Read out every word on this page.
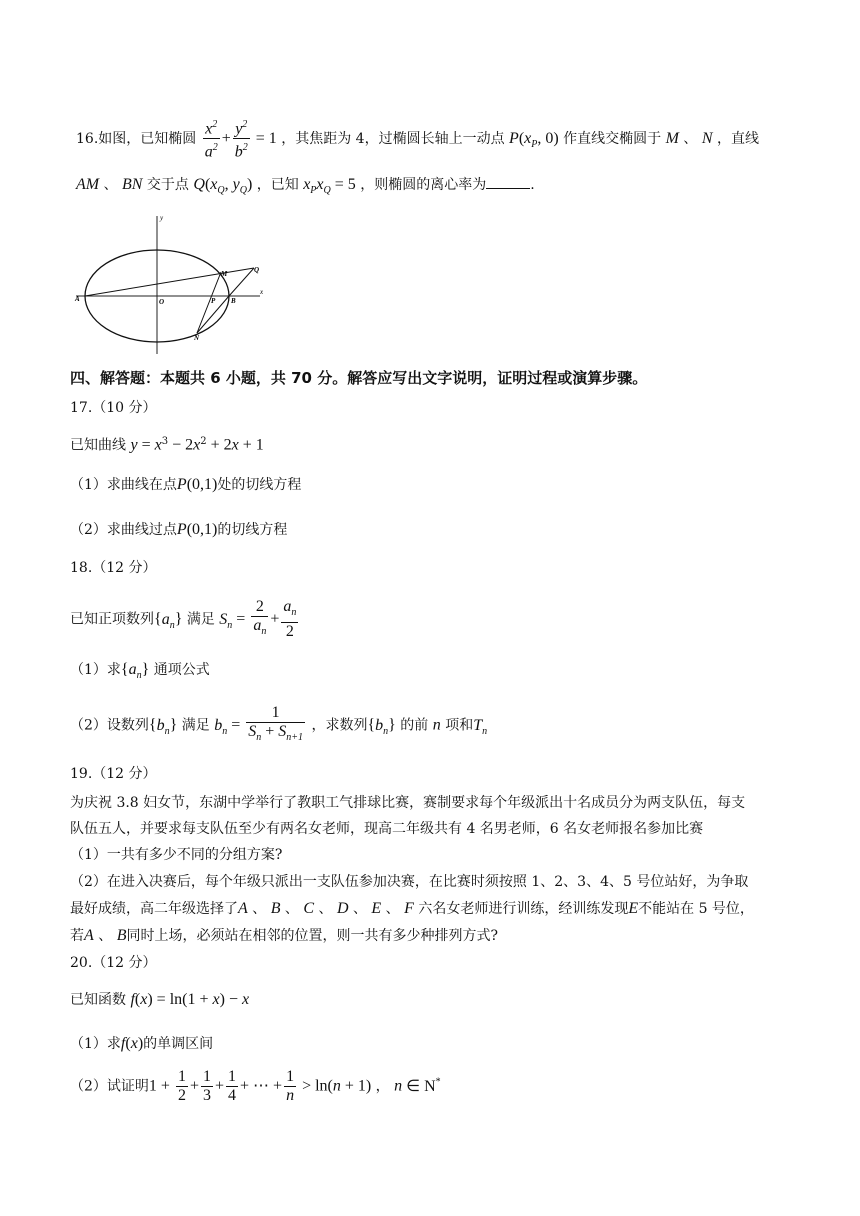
16.如图，已知椭圆 $\frac{x^2}{a^2} + \frac{y^2}{b^2} = 1$ ，其焦距为 4，过椭圆长轴上一动点 $P(x_P$, 0) 作直线交椭圆于 M 、 N ，直线
AM 、 BN 交于点 $Q(x_Q$, $y_Q$) ，已知 $x_Px_Q = 5$ ，则椭圆的离心率为	.
y
x
A	O	P B
M	Q
N
四、解答题：本题共 6 小题，共 70 分。解答应写出文字说明，证明过程或演算步骤。
17.（10 分）
已知曲线 $y = x^3 - 2x^2 + 2x + 1$
（1）求曲线在点P(0,1)处的切线方程
（2）求曲线过点P(0,1)的切线方程
18.（12 分）
已知正项数列$\{a_n\}$ 满足 $S_n = \frac{2}{a_n} + \frac{a_n}{2}$
（1）求$\{a_n\}$ 通项公式
（2）设数列$\{b_n\}$ 满足 $b_n = \frac{1}{S_n + S_{n+1}}$ ，求数列$\{b_n\}$ 的前 n 项和$T_n$
19.（12 分）
为庆祝 3.8 妇女节，东湖中学举行了教职工气排球比赛，赛制要求每个年级派出十名成员分为两支队伍，每支
队伍五人，并要求每支队伍至少有两名女老师，现高二年级共有 4 名男老师，6 名女老师报名参加比赛
（1）一共有多少不同的分组方案?
（2）在进入决赛后，每个年级只派出一支队伍参加决赛，在比赛时须按照 1、2、3、4、5 号位站好，为争取
最好成绩，高二年级选择了A 、 B 、 C 、 D 、 E 、 F 六名女老师进行训练，经训练发现E不能站在 5 号位，
若A 、 B同时上场，必须站在相邻的位置，则一共有多少种排列方式?
20.（12 分）
已知函数 f(x) = ln(1 + x) − x
（1）求f(x)的单调区间
（2）试证明$1 + \frac{1}{2} + \frac{1}{3} + \frac{1}{4}$ + ⋯ + $\frac{1}{n} > \ln(n + 1)$ ， n ∈ N*
